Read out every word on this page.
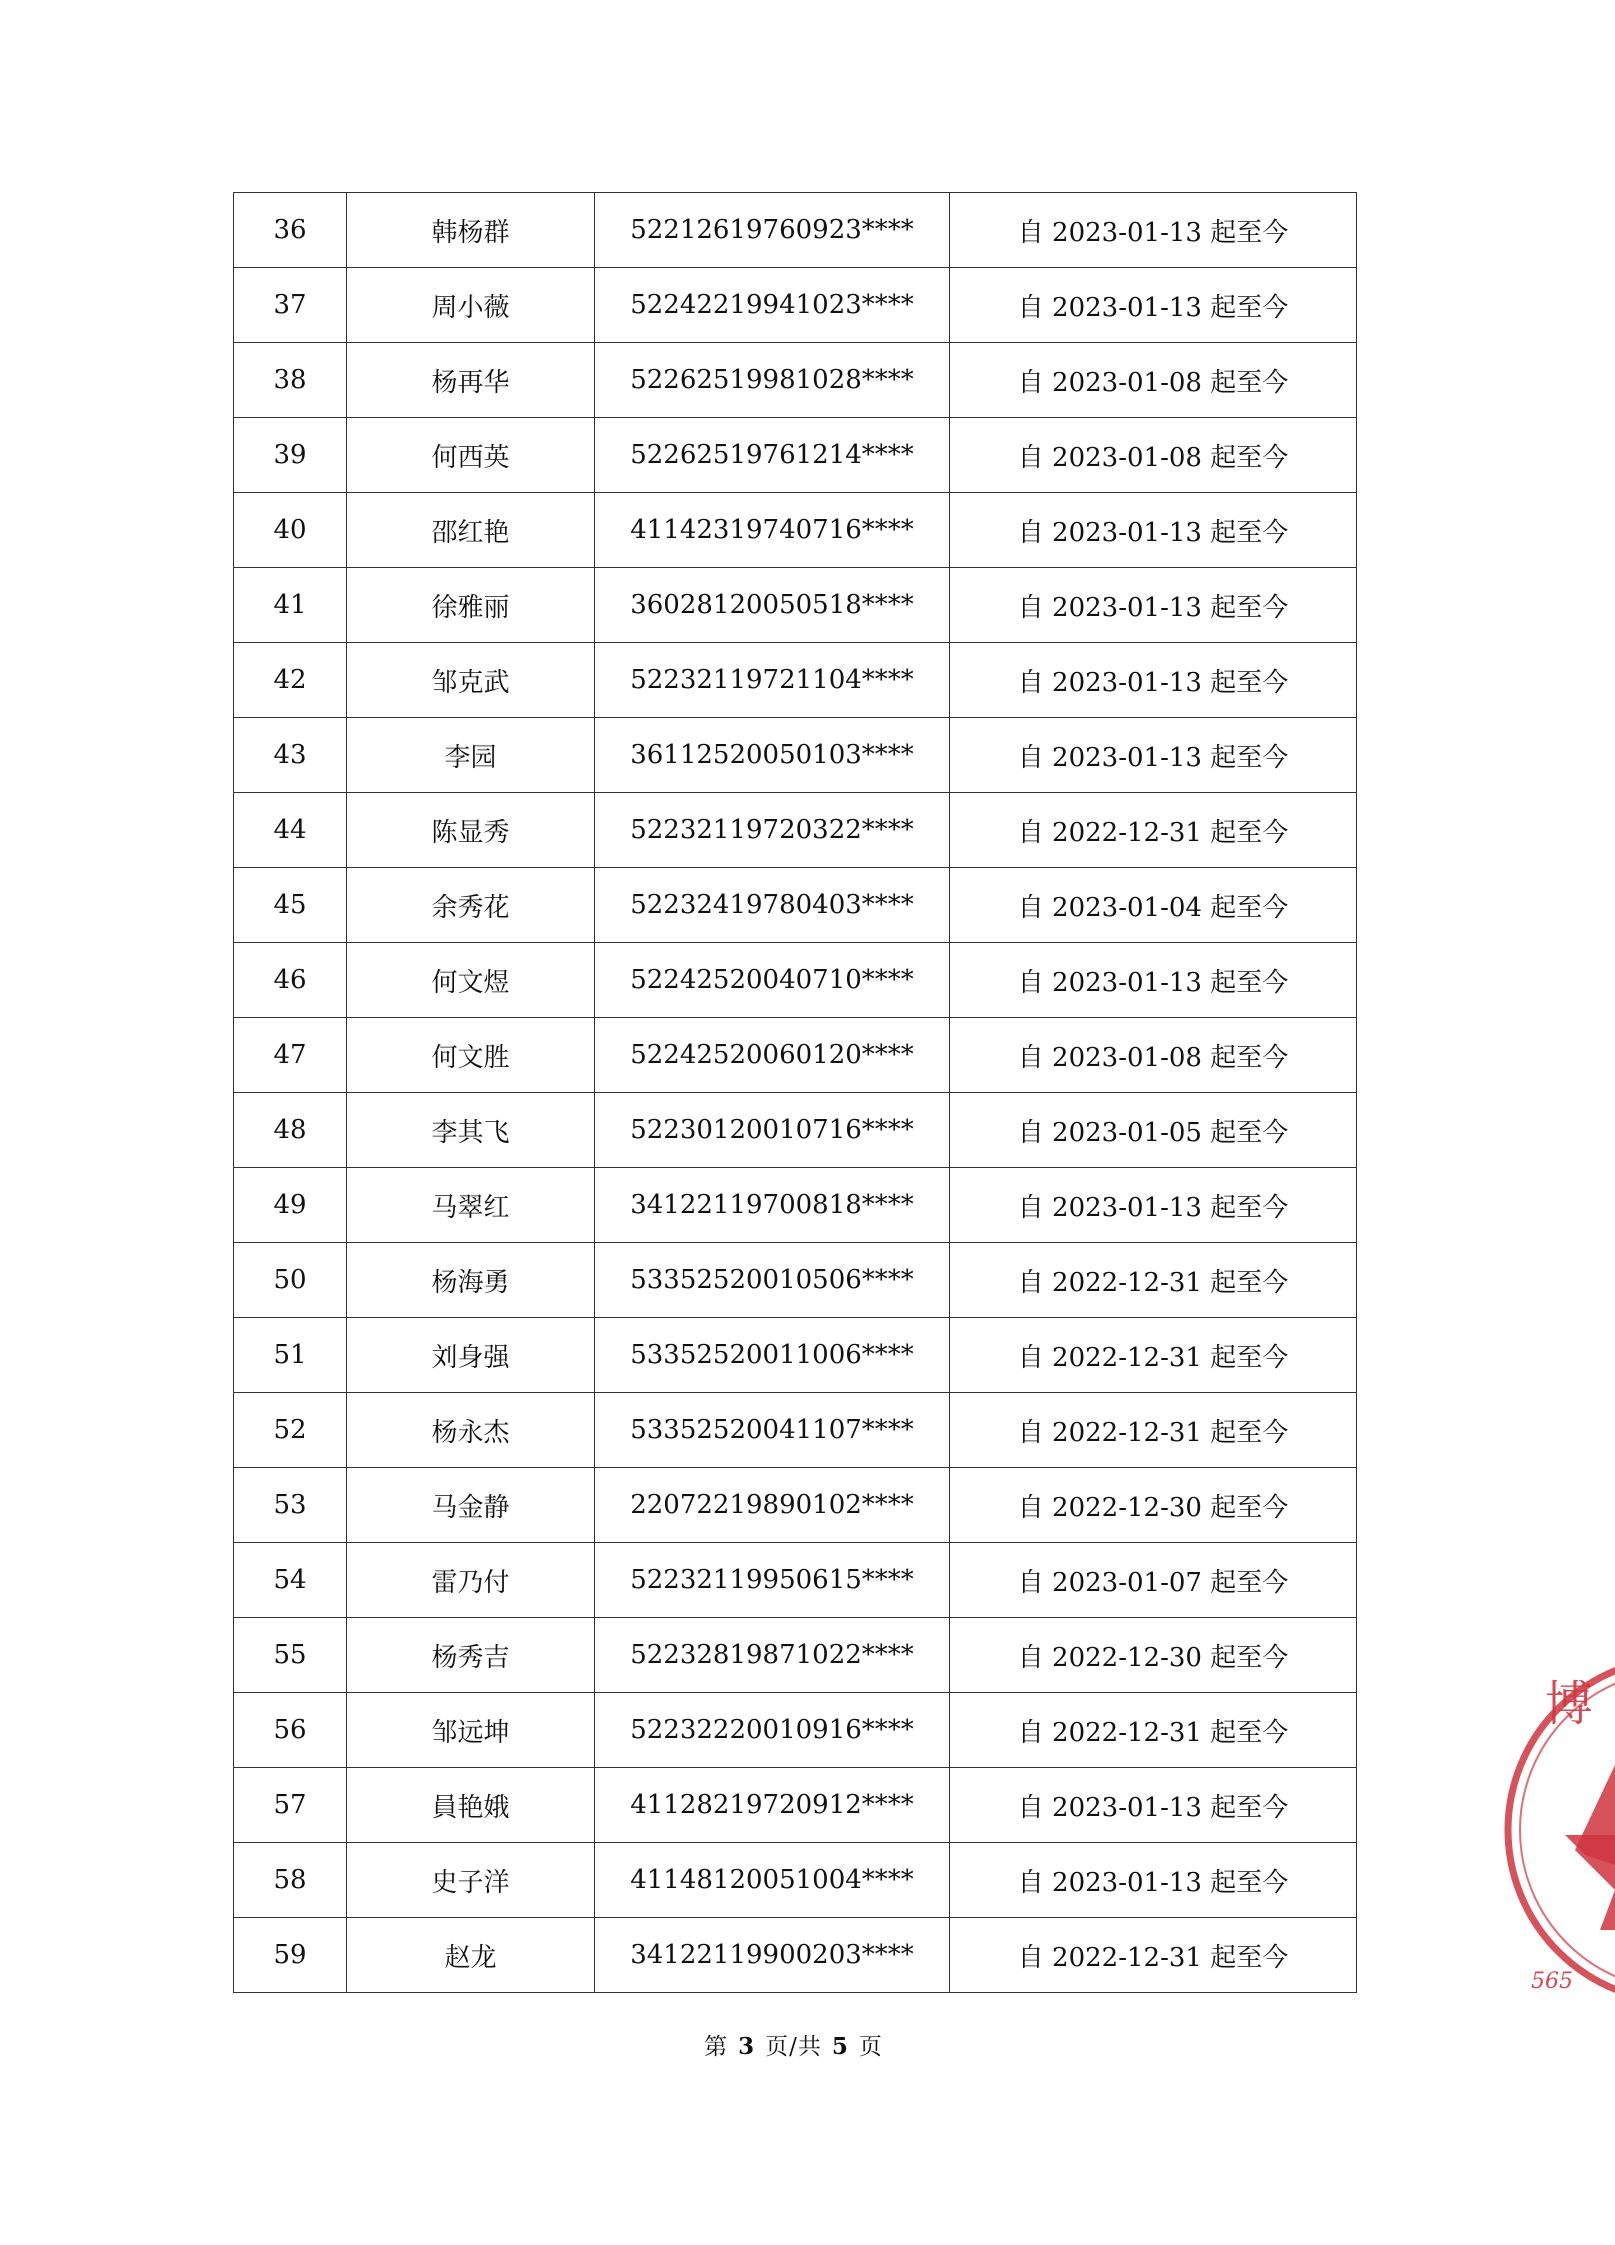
36	韩杨群	52212619760923****	自 2023-01-13 起至今
37	周小薇	52242219941023****	自 2023-01-13 起至今
38	杨再华	52262519981028****	自 2023-01-08 起至今
39	何西英	52262519761214****	自 2023-01-08 起至今
40	邵红艳	41142319740716****	自 2023-01-13 起至今
41	徐雅丽	36028120050518****	自 2023-01-13 起至今
42	邹克武	52232119721104****	自 2023-01-13 起至今
43	李园	36112520050103****	自 2023-01-13 起至今
44	陈显秀	52232119720322****	自 2022-12-31 起至今
45	余秀花	52232419780403****	自 2023-01-04 起至今
46	何文煜	52242520040710****	自 2023-01-13 起至今
47	何文胜	52242520060120****	自 2023-01-08 起至今
48	李其飞	52230120010716****	自 2023-01-05 起至今
49	马翠红	34122119700818****	自 2023-01-13 起至今
50	杨海勇	53352520010506****	自 2022-12-31 起至今
51	刘身强	53352520011006****	自 2022-12-31 起至今
52	杨永杰	53352520041107****	自 2022-12-31 起至今
53	马金静	22072219890102****	自 2022-12-30 起至今
54	雷乃付	52232119950615****	自 2023-01-07 起至今
55	杨秀吉	52232819871022****	自 2022-12-30 起至今
56	邹远坤	52232220010916****	自 2022-12-31 起至今
57	員艳娥	41128219720912****	自 2023-01-13 起至今
58	史子洋	41148120051004****	自 2023-01-13 起至今
59	赵龙	34122119900203****	自 2022-12-31 起至今
第 3 页/共 5 页
博
565
